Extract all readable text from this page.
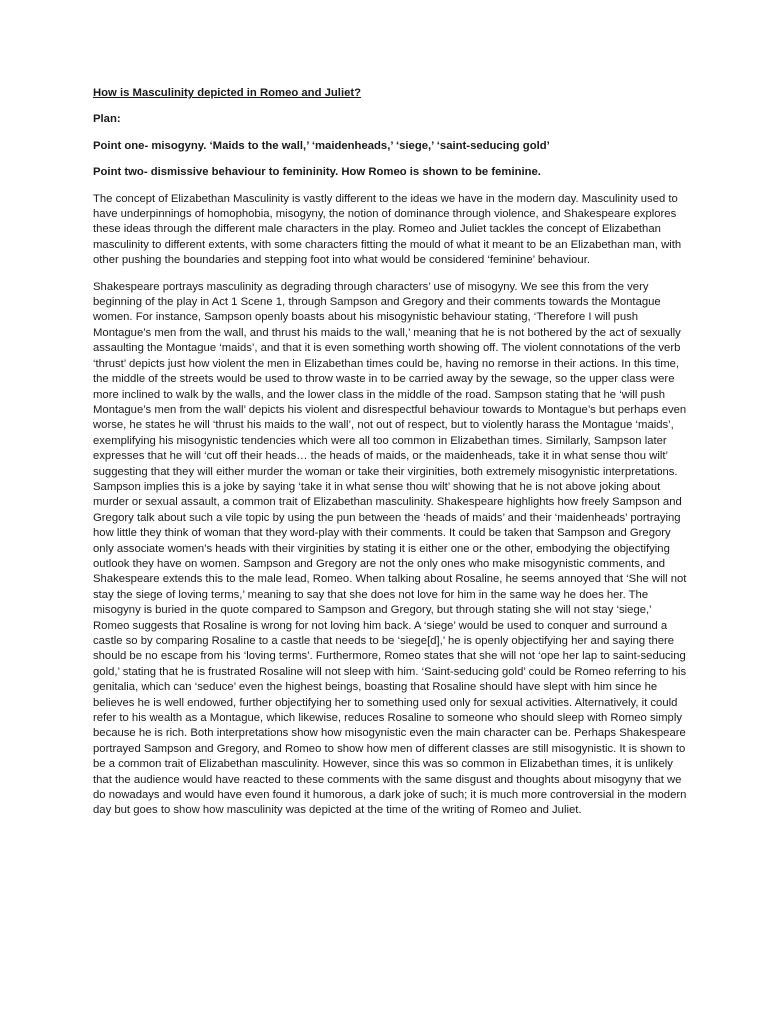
How is Masculinity depicted in Romeo and Juliet?

Plan:

Point one- misogyny. ‘Maids to the wall,’ ‘maidenheads,’ ‘siege,’ ‘saint-seducing gold’

Point two- dismissive behaviour to femininity. How Romeo is shown to be feminine.

The concept of Elizabethan Masculinity is vastly different to the ideas we have in the modern day. Masculinity used to have underpinnings of homophobia, misogyny, the notion of dominance through violence, and Shakespeare explores these ideas through the different male characters in the play. Romeo and Juliet tackles the concept of Elizabethan masculinity to different extents, with some characters fitting the mould of what it meant to be an Elizabethan man, with other pushing the boundaries and stepping foot into what would be considered ‘feminine’ behaviour.

Shakespeare portrays masculinity as degrading through characters’ use of misogyny. We see this from the very beginning of the play in Act 1 Scene 1, through Sampson and Gregory and their comments towards the Montague women. For instance, Sampson openly boasts about his misogynistic behaviour stating, ‘Therefore I will push Montague’s men from the wall, and thrust his maids to the wall,’ meaning that he is not bothered by the act of sexually assaulting the Montague ‘maids’, and that it is even something worth showing off. The violent connotations of the verb ‘thrust’ depicts just how violent the men in Elizabethan times could be, having no remorse in their actions. In this time, the middle of the streets would be used to throw waste in to be carried away by the sewage, so the upper class were more inclined to walk by the walls, and the lower class in the middle of the road. Sampson stating that he ‘will push Montague’s men from the wall’ depicts his violent and disrespectful behaviour towards to Montague’s but perhaps even worse, he states he will ‘thrust his maids to the wall’, not out of respect, but to violently harass the Montague ‘maids’, exemplifying his misogynistic tendencies which were all too common in Elizabethan times. Similarly, Sampson later expresses that he will ‘cut off their heads… the heads of maids, or the maidenheads, take it in what sense thou wilt’ suggesting that they will either murder the woman or take their virginities, both extremely misogynistic interpretations. Sampson implies this is a joke by saying ‘take it in what sense thou wilt’ showing that he is not above joking about murder or sexual assault, a common trait of Elizabethan masculinity. Shakespeare highlights how freely Sampson and Gregory talk about such a vile topic by using the pun between the ‘heads of maids’ and their ‘maidenheads’ portraying how little they think of woman that they word-play with their comments. It could be taken that Sampson and Gregory only associate women’s heads with their virginities by stating it is either one or the other, embodying the objectifying outlook they have on women. Sampson and Gregory are not the only ones who make misogynistic comments, and Shakespeare extends this to the male lead, Romeo. When talking about Rosaline, he seems annoyed that ‘She will not stay the siege of loving terms,’ meaning to say that she does not love for him in the same way he does her. The misogyny is buried in the quote compared to Sampson and Gregory, but through stating she will not stay ‘siege,’ Romeo suggests that Rosaline is wrong for not loving him back. A ‘siege’ would be used to conquer and surround a castle so by comparing Rosaline to a castle that needs to be ‘siege[d],’ he is openly objectifying her and saying there should be no escape from his ‘loving terms’. Furthermore, Romeo states that she will not ‘ope her lap to saint-seducing gold,’ stating that he is frustrated Rosaline will not sleep with him. ‘Saint-seducing gold’ could be Romeo referring to his genitalia, which can ‘seduce’ even the highest beings, boasting that Rosaline should have slept with him since he believes he is well endowed, further objectifying her to something used only for sexual activities. Alternatively, it could refer to his wealth as a Montague, which likewise, reduces Rosaline to someone who should sleep with Romeo simply because he is rich. Both interpretations show how misogynistic even the main character can be. Perhaps Shakespeare portrayed Sampson and Gregory, and Romeo to show how men of different classes are still misogynistic. It is shown to be a common trait of Elizabethan masculinity. However, since this was so common in Elizabethan times, it is unlikely that the audience would have reacted to these comments with the same disgust and thoughts about misogyny that we do nowadays and would have even found it humorous, a dark joke of such; it is much more controversial in the modern day but goes to show how masculinity was depicted at the time of the writing of Romeo and Juliet.
